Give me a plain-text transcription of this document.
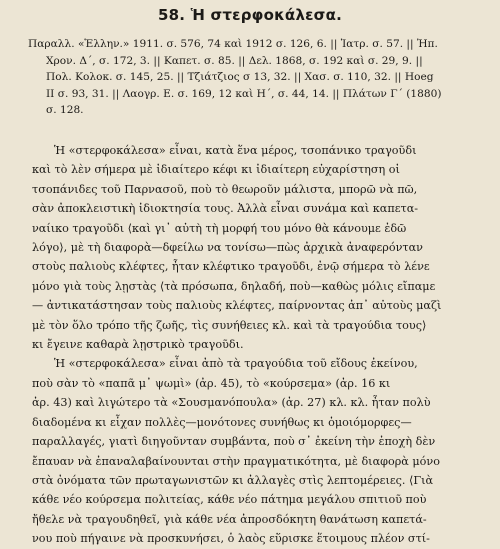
58. Ἡ στερφοκάλεσα.
Παραλλ. «Ἑλλην.» 1911. σ. 576, 74 καὶ 1912 σ. 126, 6. || Ἰατρ. σ. 57. || Ἠπ.
Χρον. Δ΄, σ. 172, 3. || Καπετ. σ. 85. || Δελ. 1868, σ. 192 καὶ σ. 29, 9. ||
Πολ. Κολοκ. σ. 145, 25. || Τζιάτζιος σ 13, 32. || Χασ. σ. 110, 32. || Hoeg
II σ. 93, 31. || Λαογρ. Ε. σ. 169, 12 καὶ Η΄, σ. 44, 14. || Πλάτων Γ΄ (1880)
σ. 128.
Ἡ «στερφοκάλεσα» εἶναι, κατὰ ἕνα μέρος, τσοπάνικο τραγοῦδι
καὶ τὸ λὲν σήμερα μὲ ἰδιαίτερο κέφι κι ἰδιαίτερη εὐχαρίστηση οἱ
τσοπάνιδες τοῦ Παρνασοῦ, ποὺ τὸ θεωροῦν μάλιστα, μπορῶ νὰ πῶ,
σὰν ἀποκλειστικὴ ἰδιοκτησία τους. Ἀλλὰ εἶναι συνάμα καὶ καπετα-
ναίικο τραγοῦδι ⟨καὶ γι᾽ αὐτὴ τὴ μορφή του μόνο θὰ κάνουμε ἐδῶ
λόγο⟩, μὲ τὴ διαφορὰ—δφείλω να τονίσω—πὼς ἀρχικὰ ἀναφερόνταν
στοὺς παλιοὺς κλέφτες, ἦταν κλέφτικο τραγοῦδι, ἐνῷ σήμερα τὸ λένε
μόνο γιὰ τοὺς λῃστὰς ⟨τὰ πρόσωπα, δηλαδή, ποὺ—καθὼς μόλις εἴπαμε
— ἀντικατάστησαν τοὺς παλιοὺς κλέφτες, παίρνοντας ἀπ᾽ αὐτοὺς μαζὶ
μὲ τὸν ὅλο τρόπο τῆς ζωῆς, τὶς συνήθειες κλ. καὶ τὰ τραγούδια τους⟩
κι ἔγεινε καθαρὰ λῃστρικὸ τραγοῦδι.
Ἡ «στερφοκάλεσα» εἶναι ἀπὸ τὰ τραγούδια τοῦ εἴδους ἐκείνου,
ποὺ σὰν τὸ «παπᾶ μ᾽ ψωμὶ» (ἀρ. 45), τὸ «κούρσεμα» (ἀρ. 16 κι
ἀρ. 43) καὶ λιγώτερο τὰ «Σουσμανόπουλα» (ἀρ. 27) κλ. κλ. ἦταν πολὺ
διαδομένα κι εἶχαν πολλὲς—μονότονες συνήθως κι ὁμοιόμορφες—
παραλλαγές, γιατὶ διηγοῦνταν συμβάντα, ποὺ σ᾽ ἐκείνη τὴν ἐποχὴ δὲν
ἔπαυαν νὰ ἐπαναλαβαίνουνται στὴν πραγματικότητα, μὲ διαφορὰ μόνο
στὰ ὀνόματα τῶν πρωταγωνιστῶν κι ἀλλαγὲς στὶς λεπτομέρειες. ⟨Γιὰ
κάθε νέο κούρσεμα πολιτείας, κάθε νέο πάτημα μεγάλου σπιτιοῦ ποὺ
ἤθελε νὰ τραγουδηθεῖ, γιὰ κάθε νέα ἀπροσδόκητη θανάτωση καπετά-
νου ποὺ πήγαινε νὰ προσκυνήσει, ὁ λαὸς εὕρισκε ἕτοιμους πλέον στί-
